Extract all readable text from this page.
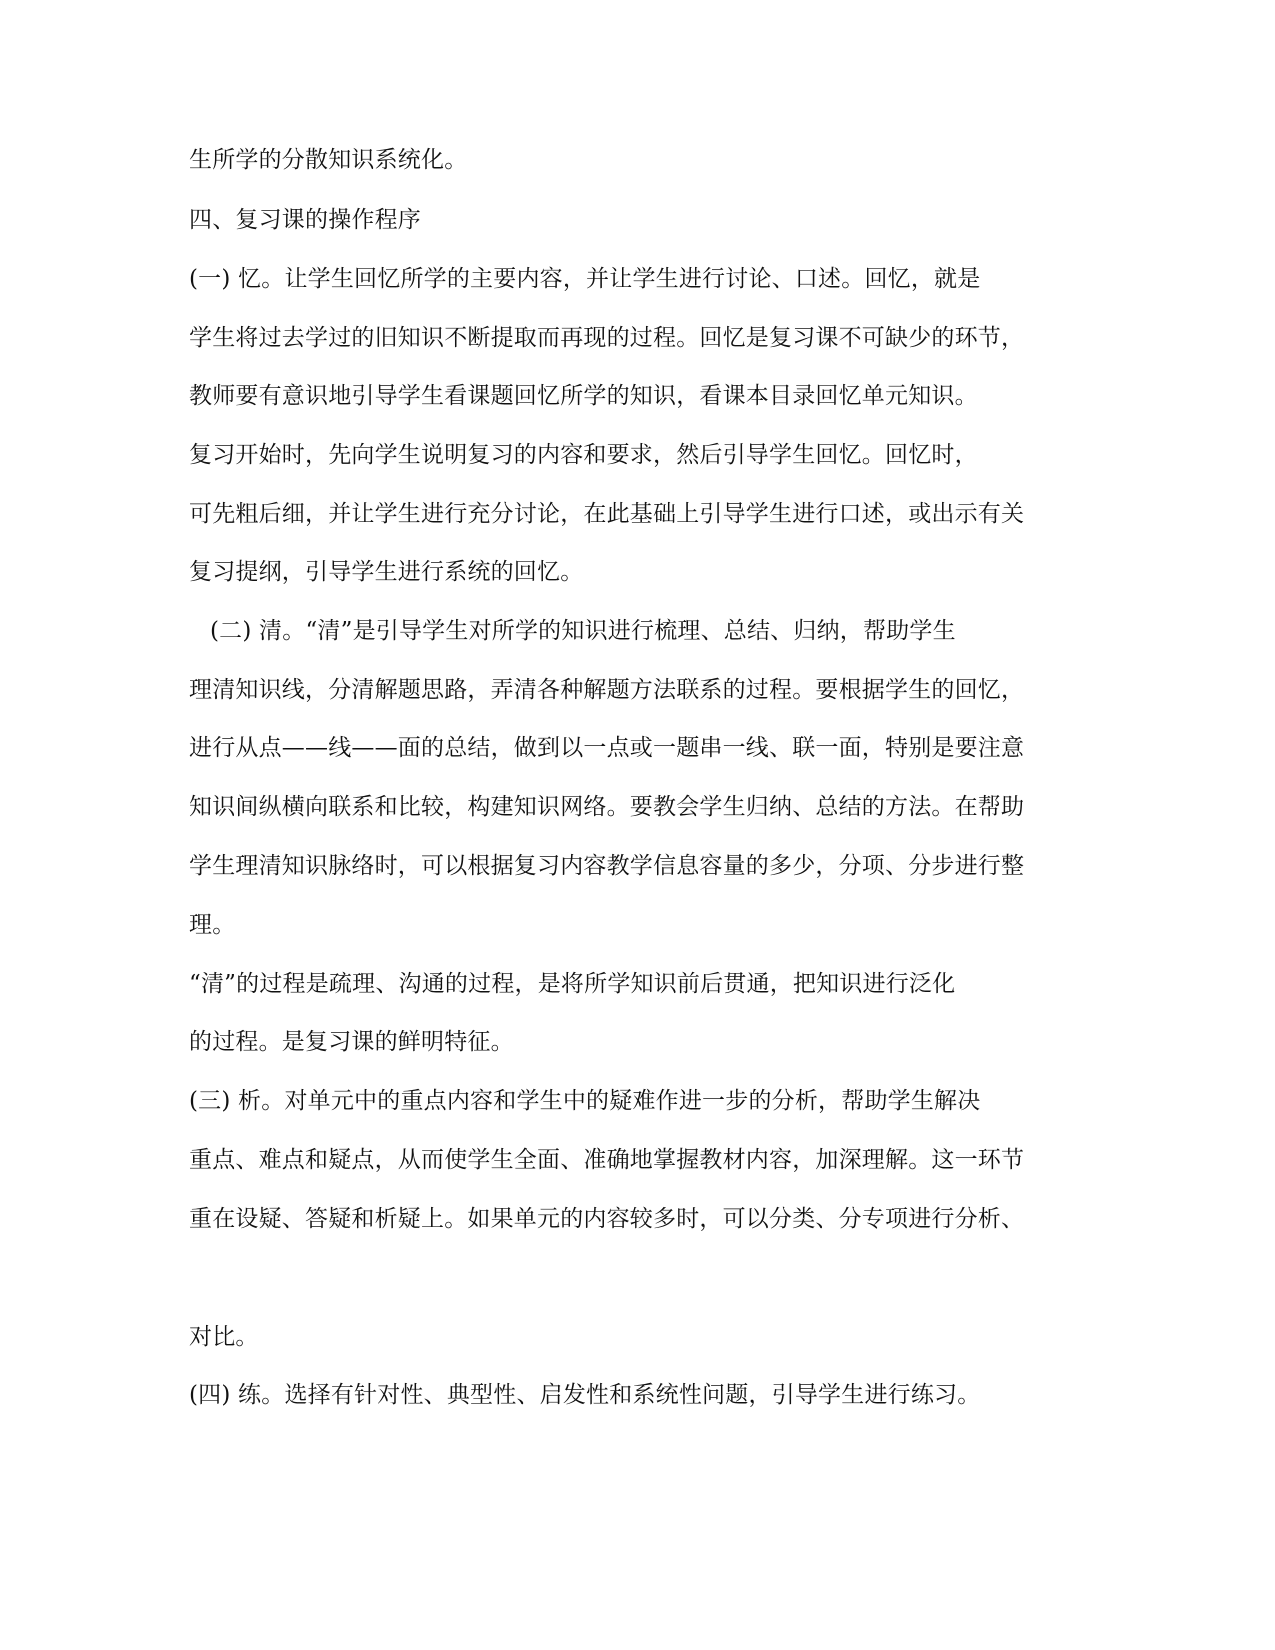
生所学的分散知识系统化。
四、复习课的操作程序
(一) 忆。让学生回忆所学的主要内容，并让学生进行讨论、口述。回忆，就是
学生将过去学过的旧知识不断提取而再现的过程。回忆是复习课不可缺少的环节，
教师要有意识地引导学生看课题回忆所学的知识，看课本目录回忆单元知识。
复习开始时，先向学生说明复习的内容和要求，然后引导学生回忆。回忆时，
可先粗后细，并让学生进行充分讨论，在此基础上引导学生进行口述，或出示有关
复习提纲，引导学生进行系统的回忆。
(二) 清。“清”是引导学生对所学的知识进行梳理、总结、归纳，帮助学生
理清知识线，分清解题思路，弄清各种解题方法联系的过程。要根据学生的回忆，
进行从点——线——面的总结，做到以一点或一题串一线、联一面，特别是要注意
知识间纵横向联系和比较，构建知识网络。要教会学生归纳、总结的方法。在帮助
学生理清知识脉络时，可以根据复习内容教学信息容量的多少，分项、分步进行整
理。
“清”的过程是疏理、沟通的过程，是将所学知识前后贯通，把知识进行泛化
的过程。是复习课的鲜明特征。
(三) 析。对单元中的重点内容和学生中的疑难作进一步的分析，帮助学生解决
重点、难点和疑点，从而使学生全面、准确地掌握教材内容，加深理解。这一环节
重在设疑、答疑和析疑上。如果单元的内容较多时，可以分类、分专项进行分析、
对比。
(四) 练。选择有针对性、典型性、启发性和系统性问题，引导学生进行练习。
